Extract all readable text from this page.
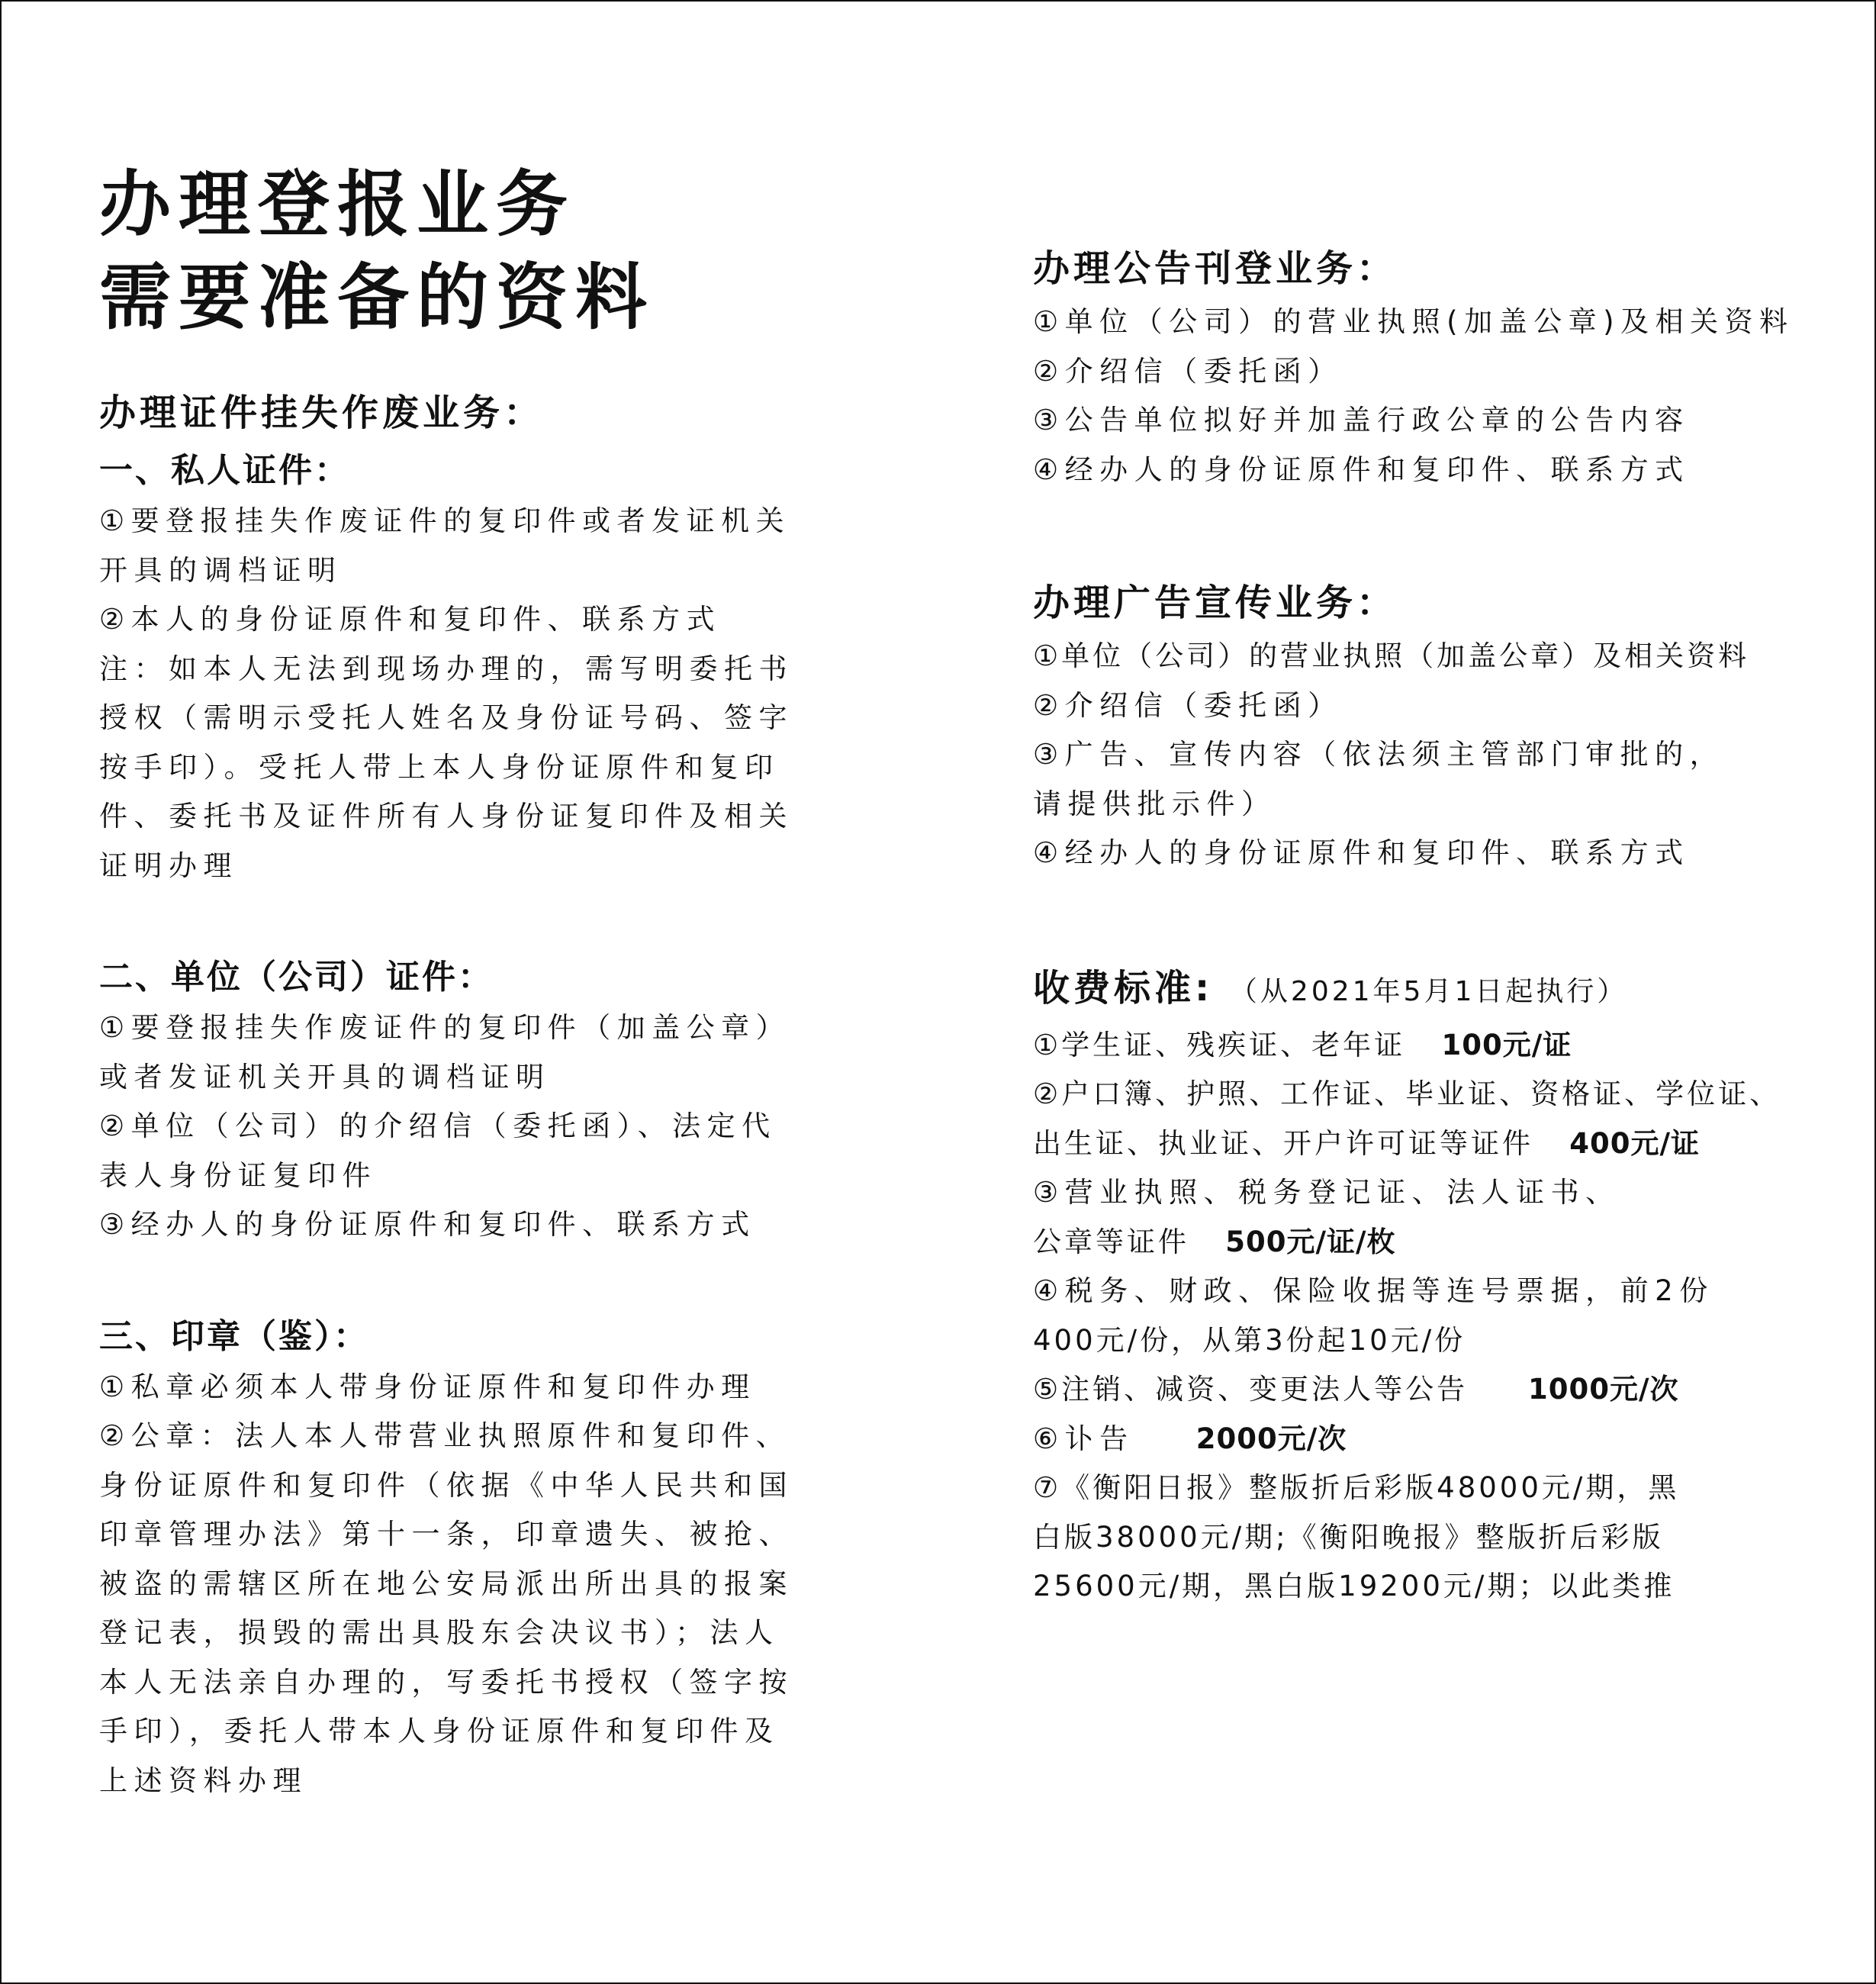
办理登报业务
需要准备的资料
办理证件挂失作废业务：
一、私人证件：

①要登报挂失作废证件的复印件或者发证机关

开具的调档证明

②本人的身份证原件和复印件、联系方式

注：如本人无法到现场办理的，需写明委托书

授权（需明示受托人姓名及身份证号码、签字

按手印）。受托人带上本人身份证原件和复印

件、委托书及证件所有人身份证复印件及相关

证明办理

二、单位（公司）证件：

①要登报挂失作废证件的复印件（加盖公章）

或者发证机关开具的调档证明

②单位（公司）的介绍信（委托函）、法定代

表人身份证复印件

③经办人的身份证原件和复印件、联系方式

三、印章（鉴）：

①私章必须本人带身份证原件和复印件办理

②公章：法人本人带营业执照原件和复印件、

身份证原件和复印件（依据《中华人民共和国

印章管理办法》第十一条，印章遗失、被抢、

被盗的需辖区所在地公安局派出所出具的报案

登记表，损毁的需出具股东会决议书）；法人

本人无法亲自办理的，写委托书授权（签字按

手印），委托人带本人身份证原件和复印件及

上述资料办理

办理公告刊登业务：

①单位（公司）的营业执照(加盖公章)及相关资料

②介绍信（委托函）

③公告单位拟好并加盖行政公章的公告内容

④经办人的身份证原件和复印件、联系方式

办理广告宣传业务：

①单位（公司）的营业执照（加盖公章）及相关资料

②介绍信（委托函）

③广告、宣传内容（依法须主管部门审批的，

请提供批示件）

④经办人的身份证原件和复印件、联系方式

收费标准: （从2021年5月1日起执行）

①学生证、残疾证、老年证 100元/证

②户口簿、护照、工作证、毕业证、资格证、学位证、

出生证、执业证、开户许可证等证件 400元/证

③营业执照、税务登记证、法人证书、

公章等证件 500元/证/枚

④税务、财政、保险收据等连号票据，前2份

400元/份，从第3份起10元/份

⑤注销、减资、变更法人等公告 1000元/次

⑥讣告 2000元/次

⑦《衡阳日报》整版折后彩版48000元/期，黑

白版38000元/期;《衡阳晚报》整版折后彩版

25600元/期，黑白版19200元/期；以此类推
